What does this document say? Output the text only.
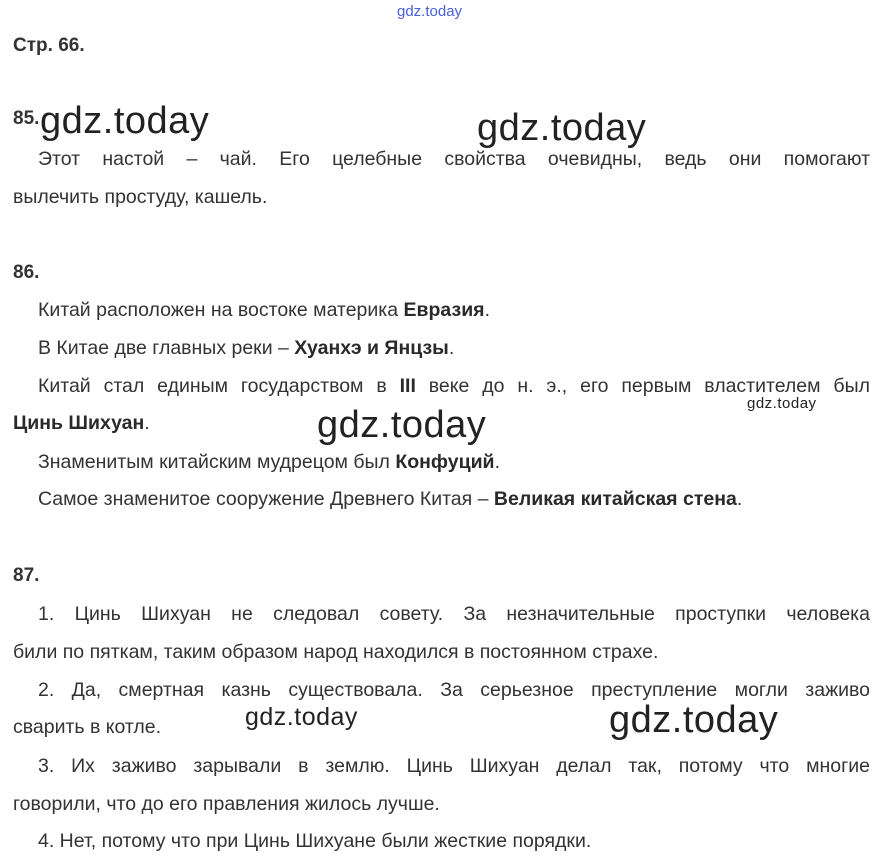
gdz.today
Стр. 66.
85. gdz.today	gdz.today
Этот настой – чай. Его целебные свойства очевидны, ведь они помогают
вылечить простуду, кашель.
86.
Китай расположен на востоке материка Евразия.
В Китае две главных реки – Хуанхэ и Янцзы.
Китай стал единым государством в III веке до н. э., его первым властителем был
gdz.today
Цинь Шихуан.	gdz.today
Знаменитым китайским мудрецом был Конфуций.
Самое знаменитое сооружение Древнего Китая – Великая китайская стена.
87.
1. Цинь Шихуан не следовал совету. За незначительные проступки человека
били по пяткам, таким образом народ находился в постоянном страхе.
2. Да, смертная казнь существовала. За серьезное преступление могли заживо
сварить в котле.	gdz.today	gdz.today
3. Их заживо зарывали в землю. Цинь Шихуан делал так, потому что многие
говорили, что до его правления жилось лучше.
4. Нет, потому что при Цинь Шихуане были жесткие порядки.
